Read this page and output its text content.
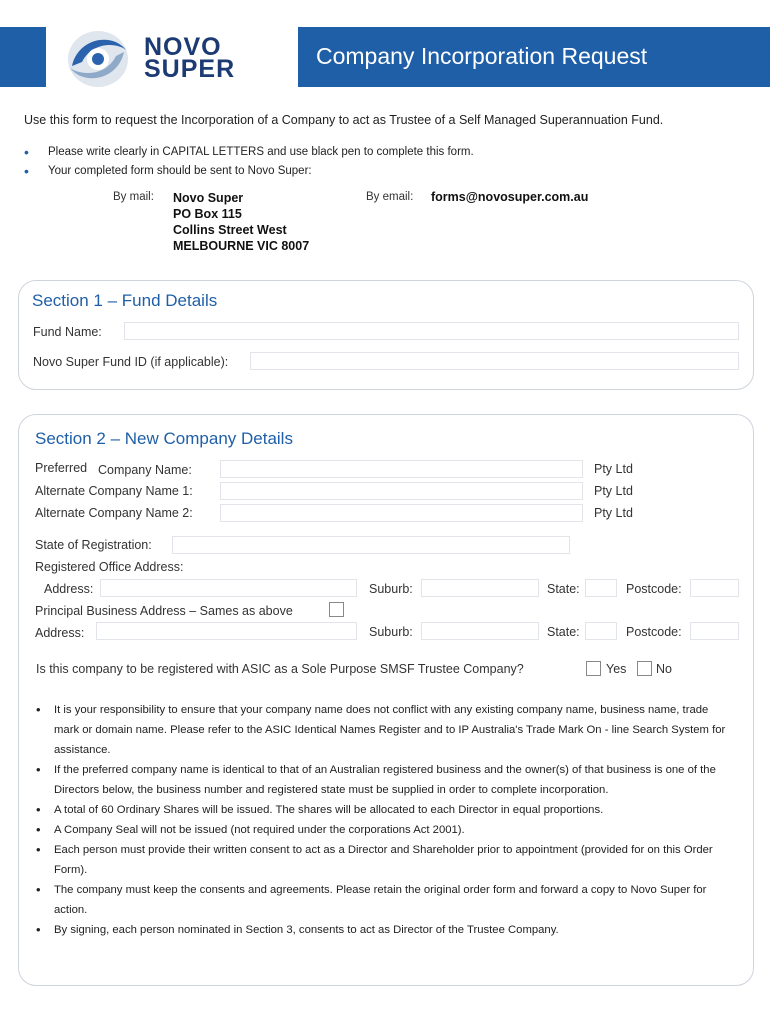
NOVO
SUPER	Company Incorporation Request
Use this form to request the Incorporation of a Company to act as Trustee of a Self Managed Superannuation Fund.
• Please write clearly in CAPITAL LETTERS and use black pen to complete this form.
• Your completed form should be sent to Novo Super:
By mail: Novo Super
PO Box 115
Collins Street West
MELBOURNE VIC 8007
By email: forms@novosuper.com.au
Section 1 – Fund Details
Fund Name:
Novo Super Fund ID (if applicable):
Section 2 – New Company Details
Preferred Company Name:	Pty Ltd
Alternate Company Name 1:	Pty Ltd
Alternate Company Name 2:	Pty Ltd
State of Registration:
Registered Office Address:
Address:	Suburb:	State:	Postcode:
Principal Business Address – Sames as above
Address:	Suburb:	State:	Postcode:
Is this company to be registered with ASIC as a Sole Purpose SMSF Trustee Company?	Yes No
• It is your responsibility to ensure that your company name does not conflict with any existing company name, business name, trade mark or domain name. Please refer to the ASIC Identical Names Register and to IP Australia's Trade Mark On - line Search System for assistance.
• If the preferred company name is identical to that of an Australian registered business and the owner(s) of that business is one of the Directors below, the business number and registered state must be supplied in order to complete incorporation.
• A total of 60 Ordinary Shares will be issued. The shares will be allocated to each Director in equal proportions.
• A Company Seal will not be issued (not required under the corporations Act 2001).
• Each person must provide their written consent to act as a Director and Shareholder prior to appointment (provided for on this Order Form).
• The company must keep the consents and agreements. Please retain the original order form and forward a copy to Novo Super for action.
• By signing, each person nominated in Section 3, consents to act as Director of the Trustee Company.
